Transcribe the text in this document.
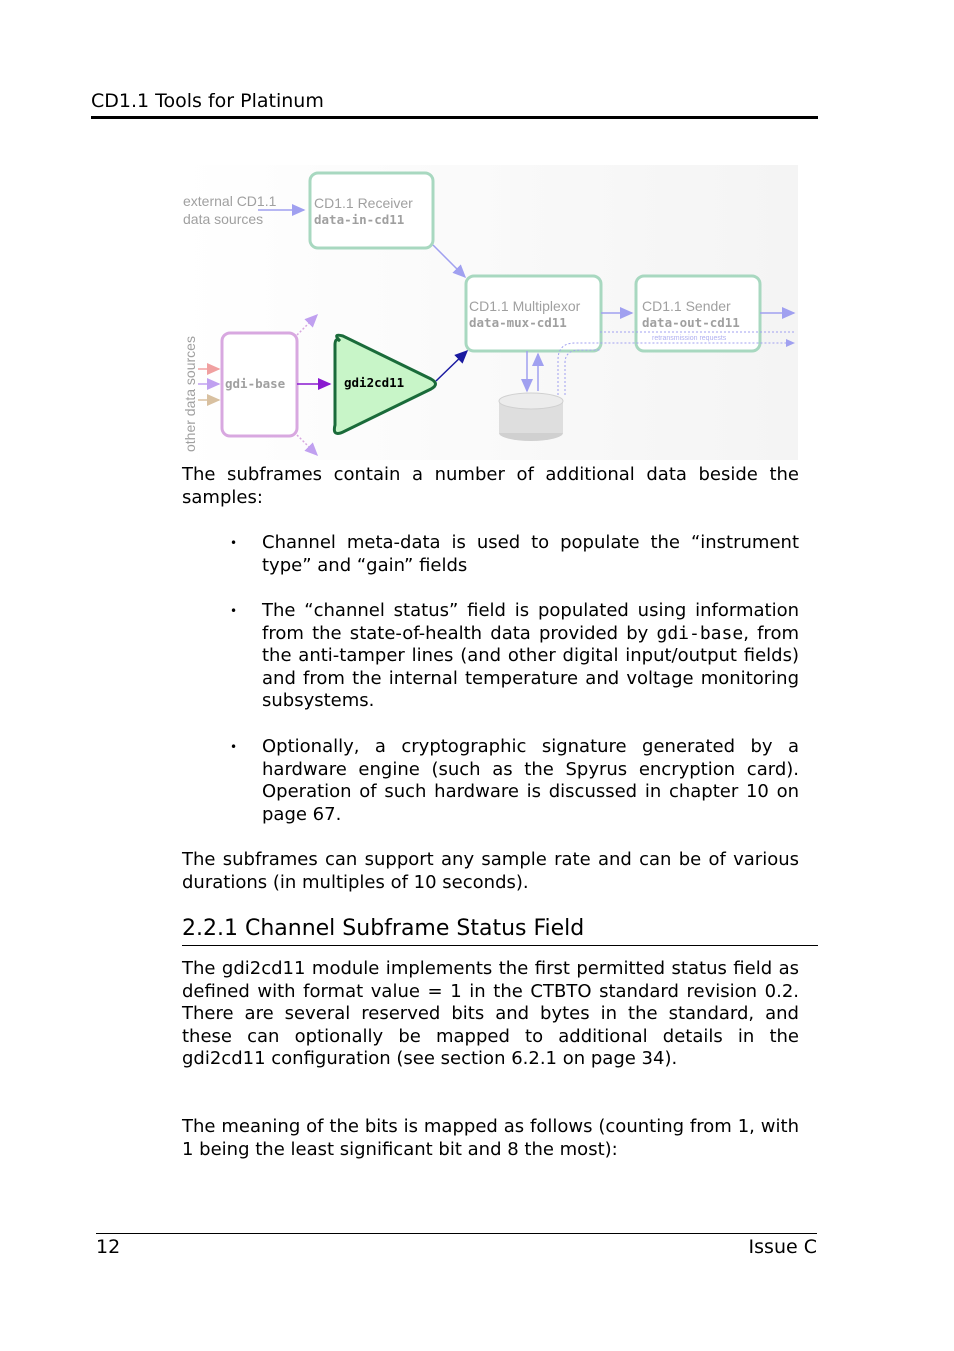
CD1.1 Tools for Platinum
external CD1.1
data sources
CD1.1 Receiver
data-in-cd11
CD1.1 Multiplexor
data-mux-cd11
CD1.1 Sender
data-out-cd11
retransmission requests
other data sources gdi-base	gdi2cd11
The subframes contain a number of additional data beside the samples:
• Channel meta-data is used to populate the “instrument type” and “gain” fields
• The “channel status” field is populated using information from the state-of-health data provided by gdi-base, from the anti-tamper lines (and other digital input/output fields) and from the internal temperature and voltage monitoring subsystems.
• Optionally, a cryptographic signature generated by a hardware engine (such as the Spyrus encryption card). Operation of such hardware is discussed in chapter 10 on page 67.
The subframes can support any sample rate and can be of various durations (in multiples of 10 seconds).
2.2.1 Channel Subframe Status Field
The gdi2cd11 module implements the first permitted status field as defined with format value = 1 in the CTBTO standard revision 0.2. There are several reserved bits and bytes in the standard, and these can optionally be mapped to additional details in the gdi2cd11 configuration (see section 6.2.1 on page 34).
The meaning of the bits is mapped as follows (counting from 1, with 1 being the least significant bit and 8 the most):
12	Issue C
